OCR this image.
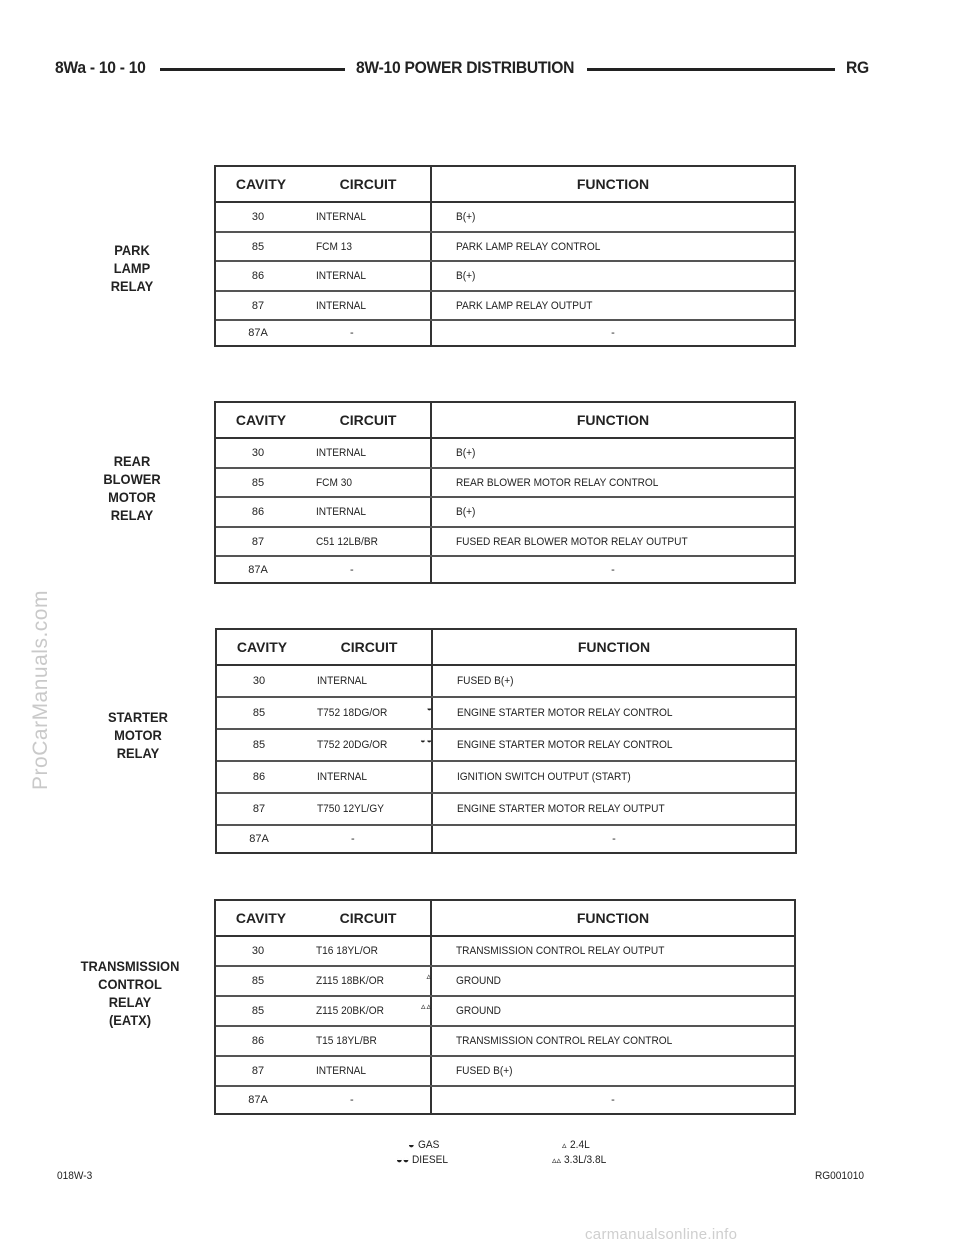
ProCarManuals.com
8Wa - 10 - 10	8W-10 POWER DISTRIBUTION	RG
PARK
LAMP
RELAY
CAVITY	CIRCUIT	FUNCTION
30	INTERNAL	B(+)
85	FCM 13	PARK LAMP RELAY CONTROL
86	INTERNAL	B(+)
87	INTERNAL	PARK LAMP RELAY OUTPUT
87A	-	-
REAR
BLOWER
MOTOR
RELAY
CAVITY	CIRCUIT	FUNCTION
30	INTERNAL	B(+)
85	FCM 30	REAR BLOWER MOTOR RELAY CONTROL
86	INTERNAL	B(+)
87	C51 12LB/BR	FUSED REAR BLOWER MOTOR RELAY OUTPUT
87A	-	-
STARTER
MOTOR
RELAY
CAVITY	CIRCUIT	FUNCTION
30	INTERNAL	FUSED B(+)
85	T752 18DG/OR	◒ ENGINE STARTER MOTOR RELAY CONTROL
85	T752 20DG/OR	◒◒ ENGINE STARTER MOTOR RELAY CONTROL
86	INTERNAL	IGNITION SWITCH OUTPUT (START)
87	T750 12YL/GY	ENGINE STARTER MOTOR RELAY OUTPUT
87A	-	-
TRANSMISSION
CONTROL
RELAY
(EATX)
CAVITY	CIRCUIT	FUNCTION
30	T16 18YL/OR	TRANSMISSION CONTROL RELAY OUTPUT
85	Z115 18BK/OR	▵ GROUND
85	Z115 20BK/OR	▵▵ GROUND
86	T15 18YL/BR	TRANSMISSION CONTROL RELAY CONTROL
87	INTERNAL	FUSED B(+)
87A	-	-
◒ GAS
◒◒ DIESEL
▵ 2.4L
▵▵ 3.3L/3.8L
018W-3	RG001010
carmanualsonline.info
